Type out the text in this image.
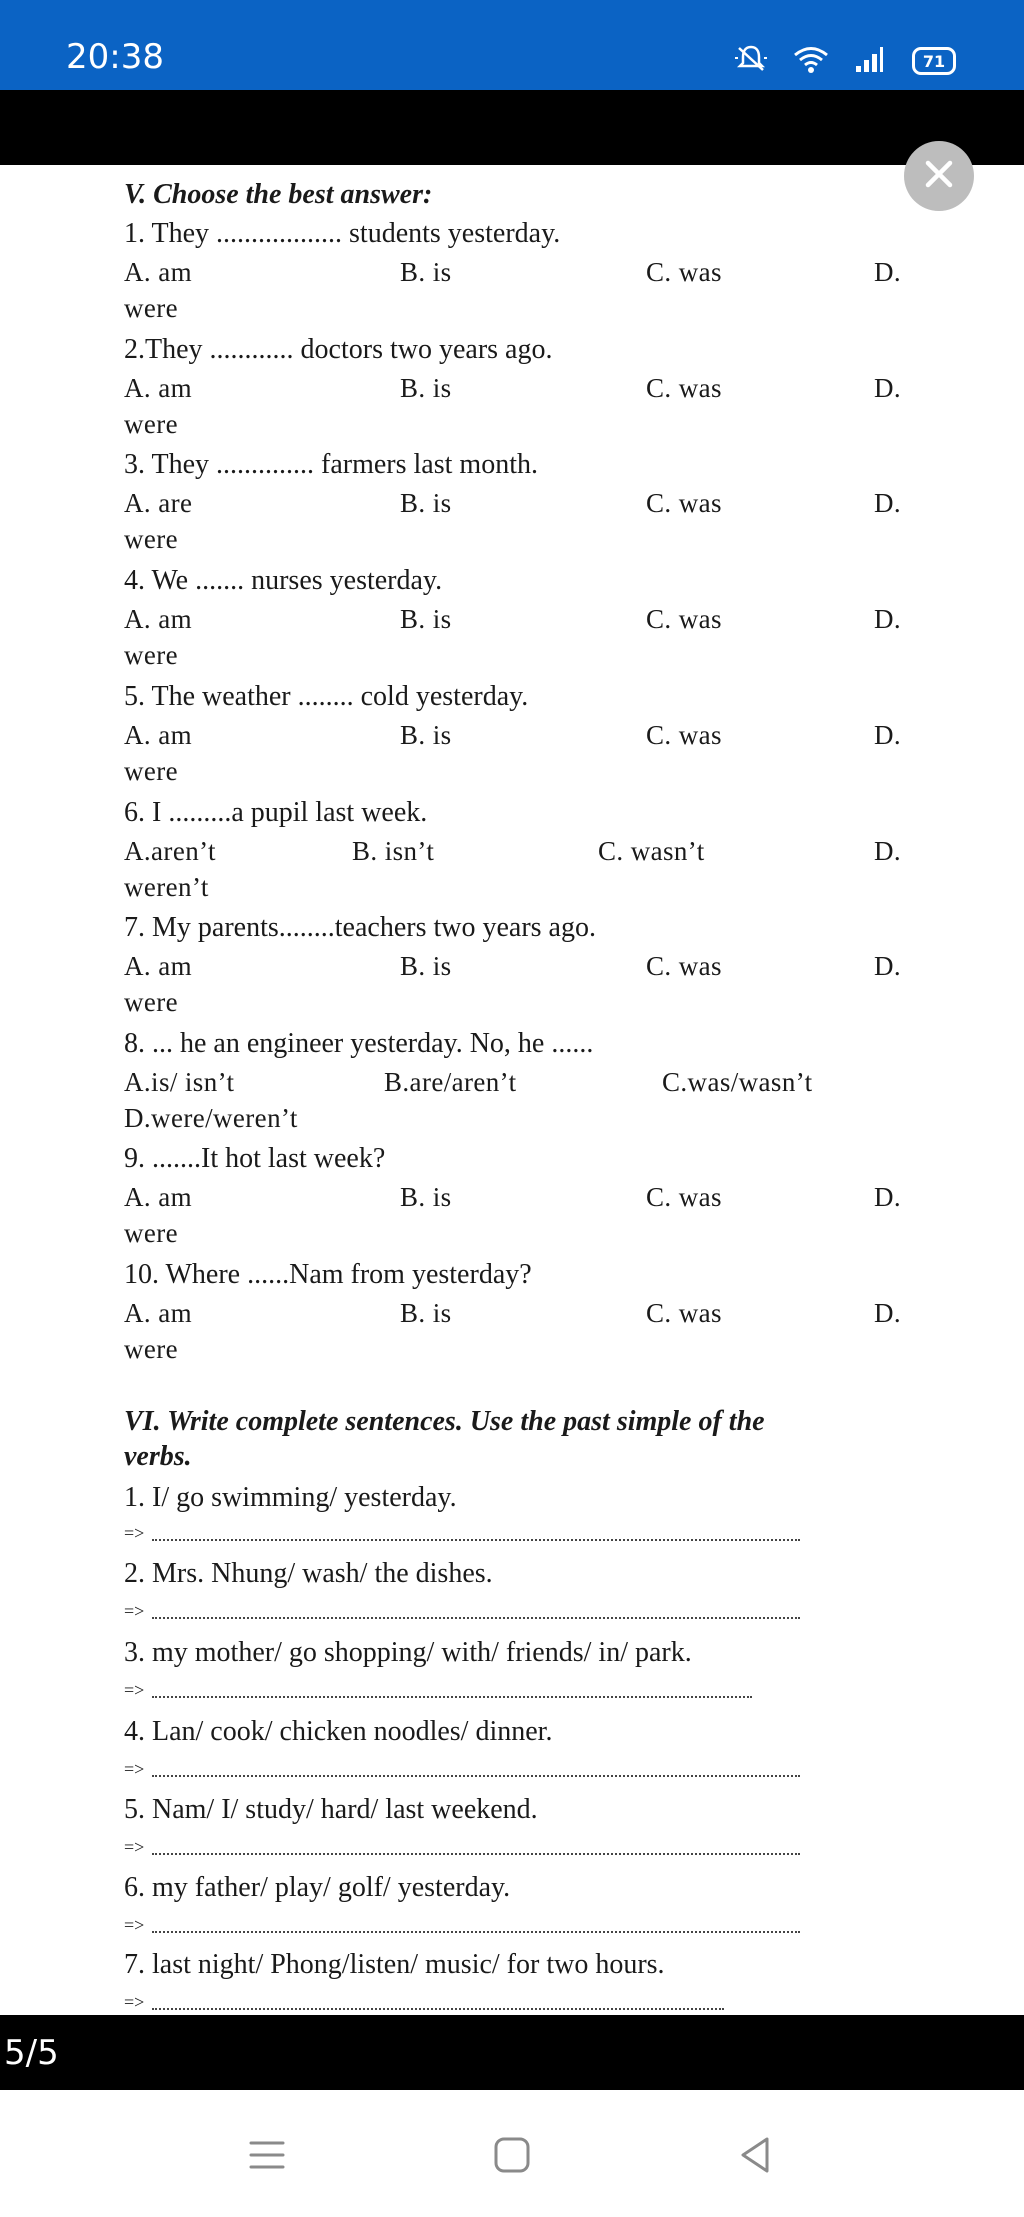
20:38	71
V. Choose the best answer:
1. They .................. students yesterday.
A. am	B. is	C. was	D.
were
2.They ............ doctors two years ago.
A. am	B. is	C. was	D.
were
3. They .............. farmers last month.
A. are	B. is	C. was	D.
were
4. We ....... nurses yesterday.
A. am	B. is	C. was	D.
were
5. The weather ........ cold yesterday.
A. am	B. is	C. was	D.
were
6. I .........a pupil last week.
A.aren’t	B. isn’t	C. wasn’t	D.
weren’t
7. My parents........teachers two years ago.
A. am	B. is	C. was	D.
were
8. ... he an engineer yesterday. No, he ......
A.is/ isn’t	B.are/aren’t	C.was/wasn’t
D.were/weren’t
9. .......It hot last week?
A. am	B. is	C. was	D.
were
10. Where ......Nam from yesterday?
A. am	B. is	C. was	D.
were
VI. Write complete sentences. Use the past simple of the
verbs.
1. I/ go swimming/ yesterday.
=>
2. Mrs. Nhung/ wash/ the dishes.
=>
3. my mother/ go shopping/ with/ friends/ in/ park.
=>
4. Lan/ cook/ chicken noodles/ dinner.
=>
5. Nam/ I/ study/ hard/ last weekend.
=>
6. my father/ play/ golf/ yesterday.
=>
7. last night/ Phong/listen/ music/ for two hours.
=>
5/5
